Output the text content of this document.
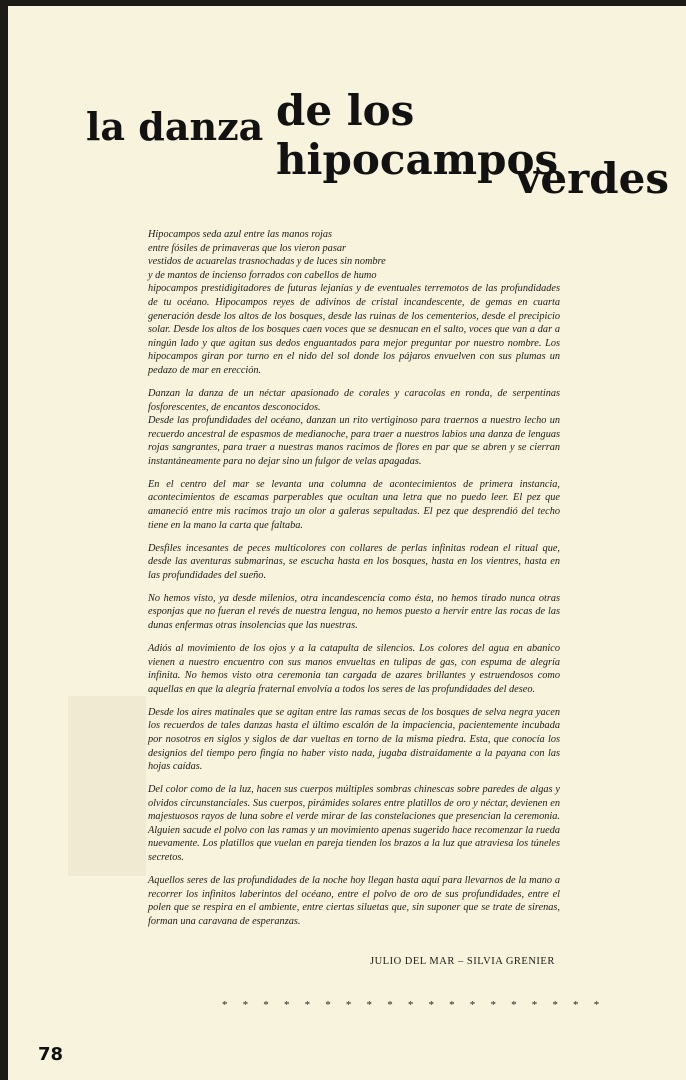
la danza de los hipocampos
verdes

Hipocampos seda azul entre las manos rojas
entre fósiles de primaveras que los vieron pasar
vestidos de acuarelas trasnochadas y de luces sin nombre
y de mantos de incienso forrados con cabellos de humo
hipocampos prestidigitadores de futuras lejanías y de eventuales terremotos de las profundidades de tu océano. Hipocampos reyes de adivinos de cristal incandescente, de gemas en cuarta generación desde los altos de los bosques, desde las ruinas de los cementerios, desde el precipicio solar. Desde los altos de los bosques caen voces que se desnucan en el salto, voces que van a dar a ningún lado y que agitan sus dedos enguantados para mejor preguntar por nuestro nombre. Los hipocampos giran por turno en el nido del sol donde los pájaros envuelven con sus plumas un pedazo de mar en erección.

Danzan la danza de un néctar apasionado de corales y caracolas en ronda, de serpentinas fosforescentes, de encantos desconocidos.
Desde las profundidades del océano, danzan un rito vertiginoso para traernos a nuestro lecho un recuerdo ancestral de espasmos de medianoche, para traer a nuestros labios una danza de lenguas rojas sangrantes, para traer a nuestras manos racimos de flores en par que se abren y se cierran instantáneamente para no dejar sino un fulgor de velas apagadas.

En el centro del mar se levanta una columna de acontecimientos de primera instancia, acontecimientos de escamas parperables que ocultan una letra que no puedo leer. El pez que amaneció entre mis racimos trajo un olor a galeras sepultadas. El pez que desprendió del techo tiene en la mano la carta que faltaba.

Desfiles incesantes de peces multicolores con collares de perlas infinitas rodean el ritual que, desde las aventuras submarinas, se escucha hasta en los bosques, hasta en los vientres, hasta en las profundidades del sueño.

No hemos visto, ya desde milenios, otra incandescencia como ésta, no hemos tirado nunca otras esponjas que no fueran el revés de nuestra lengua, no hemos puesto a hervir entre las rocas de las dunas enfermas otras insolencias que las nuestras.

Adiós al movimiento de los ojos y a la catapulta de silencios. Los colores del agua en abanico vienen a nuestro encuentro con sus manos envueltas en tulipas de gas, con espuma de alegría infinita. No hemos visto otra ceremonia tan cargada de azares brillantes y estruendosos como aquellas en que la alegría fraternal envolvía a todos los seres de las profundidades del deseo.

Desde los aires matinales que se agitan entre las ramas secas de los bosques de selva negra yacen los recuerdos de tales danzas hasta el último escalón de la impaciencia, pacientemente incubada por nosotros en siglos y siglos de dar vueltas en torno de la misma piedra. Esta, que conocía los designios del tiempo pero fingía no haber visto nada, jugaba distraídamente a la payana con las hojas caídas.

Del color como de la luz, hacen sus cuerpos múltiples sombras chinescas sobre paredes de algas y olvidos circunstanciales. Sus cuerpos, pirámides solares entre platillos de oro y néctar, devienen en majestuosos rayos de luna sobre el verde mirar de las constelaciones que presencian la ceremonia. Alguien sacude el polvo con las ramas y un movimiento apenas sugerido hace recomenzar la rueda nuevamente. Los platillos que vuelan en pareja tienden los brazos a la luz que atraviesa los túneles secretos.

Aquellos seres de las profundidades de la noche hoy llegan hasta aquí para llevarnos de la mano a recorrer los infinitos laberintos del océano, entre el polvo de oro de sus profundidades, entre el polen que se respira en el ambiente, entre ciertas siluetas que, sin suponer que se trate de sirenas, forman una caravana de esperanzas.

JULIO DEL MAR – SILVIA GRENIER
* * * * * * * * * * * * * * * * * * *
78
